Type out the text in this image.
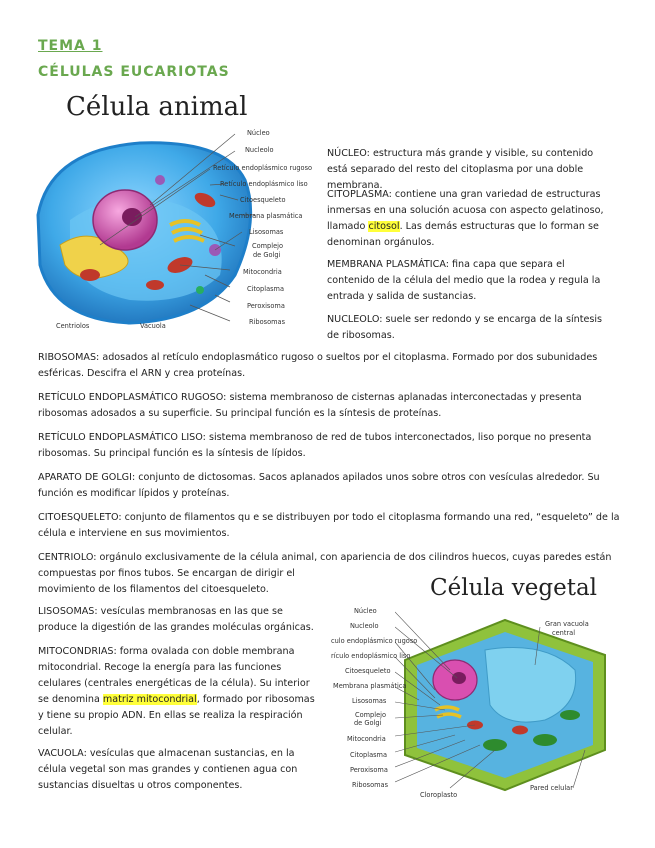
TEMA 1
CÉLULAS EUCARIOTAS
Célula animal
Núcleo
Nucleolo
Retículo endoplásmico rugoso
Retículo endoplásmico liso
Citoesqueleto
Membrana plasmática
Lisosomas
Complejo
de Golgi
Mitocondria
Citoplasma
Peroxisoma
Ribosomas
Centriolos	Vacuola

NÚCLEO: estructura más grande y visible, su contenido está separado del resto del citoplasma por una doble membrana.

CITOPLASMA: contiene una gran variedad de estructuras inmersas en una solución acuosa con aspecto gelatinoso, llamado citosol. Las demás estructuras que lo forman se denominan orgánulos.

MEMBRANA PLASMÁTICA: fina capa que separa el contenido de la célula del medio que la rodea y regula la entrada y salida de sustancias.

NUCLEOLO: suele ser redondo y se encarga de la síntesis de ribosomas.

RIBOSOMAS: adosados al retículo endoplasmático rugoso o sueltos por el citoplasma. Formado por dos subunidades esféricas. Descifra el ARN y crea proteínas.

RETÍCULO ENDOPLASMÁTICO RUGOSO: sistema membranoso de cisternas aplanadas interconectadas y presenta ribosomas adosados a su superficie. Su principal función es la síntesis de proteínas.

RETÍCULO ENDOPLASMÁTICO LISO: sistema membranoso de red de tubos interconectados, liso porque no presenta ribosomas. Su principal función es la síntesis de lípidos.

APARATO DE GOLGI: conjunto de dictosomas. Sacos aplanados apilados unos sobre otros con vesículas alrededor. Su función es modificar lípidos y proteínas.

CITOESQUELETO: conjunto de filamentos qu e se distribuyen por todo el citoplasma formando una red, “esqueleto” de la célula e interviene en sus movimientos.

CENTRIOLO: orgánulo exclusivamente de la célula animal, con apariencia de dos cilindros huecos, cuyas paredes están

compuestas por finos tubos. Se encargan de dirigir el movimiento de los filamentos del citoesqueleto.

LISOSOMAS: vesículas membranosas en las que se produce la digestión de las grandes moléculas orgánicas.

MITOCONDRIAS: forma ovalada con doble membrana mitocondrial. Recoge la energía para las funciones celulares (centrales energéticas de la célula). Su interior se denomina matriz mitocondrial, formado por ribosomas y tiene su propio ADN. En ellas se realiza la respiración celular.

VACUOLA: vesículas que almacenan sustancias, en la célula vegetal son mas grandes y contienen agua con sustancias disueltas u otros componentes.

Célula vegetal
Núcleo
Nucleolo
culo endoplásmico rugoso
rículo endoplásmico liso
Citoesqueleto
Membrana plasmática
Lisosomas
Complejo
de Golgi
Mitocondria
Citoplasma
Peroxisoma
Ribosomas
Gran vacuola
central
Pared celular
Cloroplasto
